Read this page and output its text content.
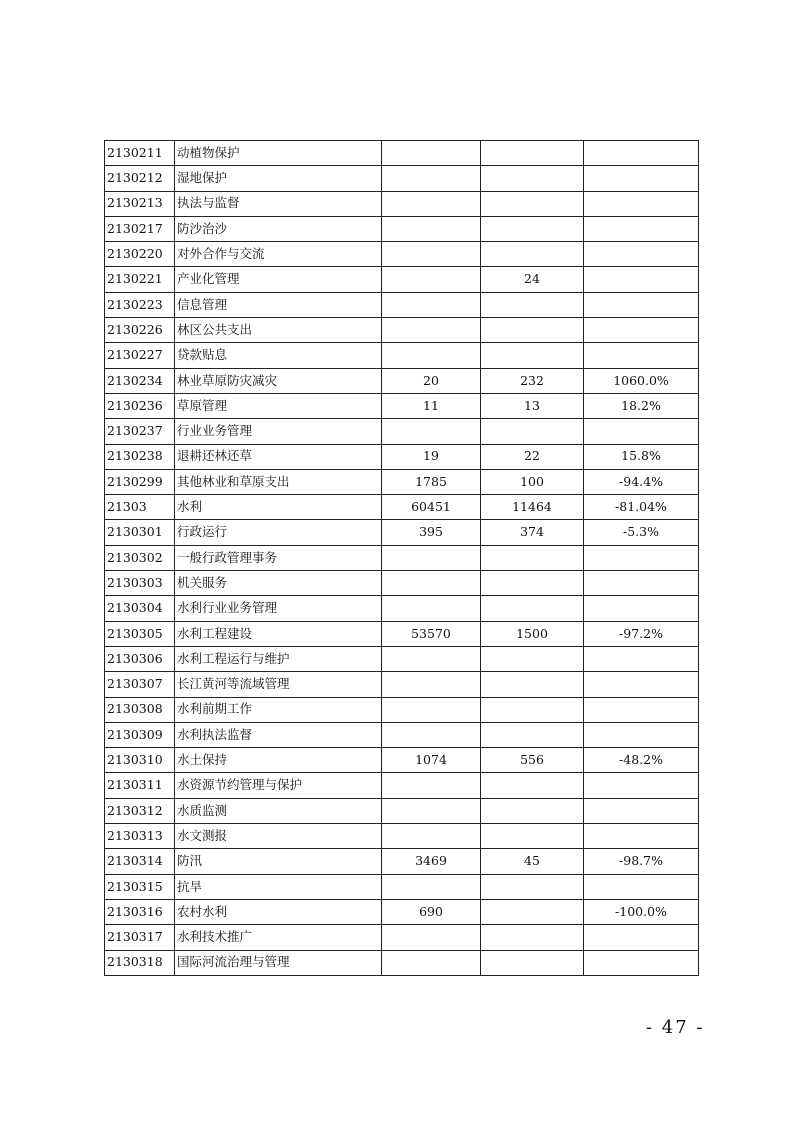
2130211	动植物保护			
2130212	湿地保护			
2130213	执法与监督			
2130217	防沙治沙			
2130220	对外合作与交流			
2130221	产业化管理		24	
2130223	信息管理			
2130226	林区公共支出			
2130227	贷款贴息			
2130234	林业草原防灾减灾	20	232	1060.0%
2130236	草原管理	11	13	18.2%
2130237	行业业务管理			
2130238	退耕还林还草	19	22	15.8%
2130299	其他林业和草原支出	1785	100	-94.4%
21303	水利	60451	11464	-81.04%
2130301	行政运行	395	374	-5.3%
2130302	一般行政管理事务			
2130303	机关服务			
2130304	水利行业业务管理			
2130305	水利工程建设	53570	1500	-97.2%
2130306	水利工程运行与维护			
2130307	长江黄河等流域管理			
2130308	水利前期工作			
2130309	水利执法监督			
2130310	水土保持	1074	556	-48.2%
2130311	水资源节约管理与保护			
2130312	水质监测			
2130313	水文测报			
2130314	防汛	3469	45	-98.7%
2130315	抗旱			
2130316	农村水利	690		-100.0%
2130317	水利技术推广			
2130318	国际河流治理与管理			
- 47 -
